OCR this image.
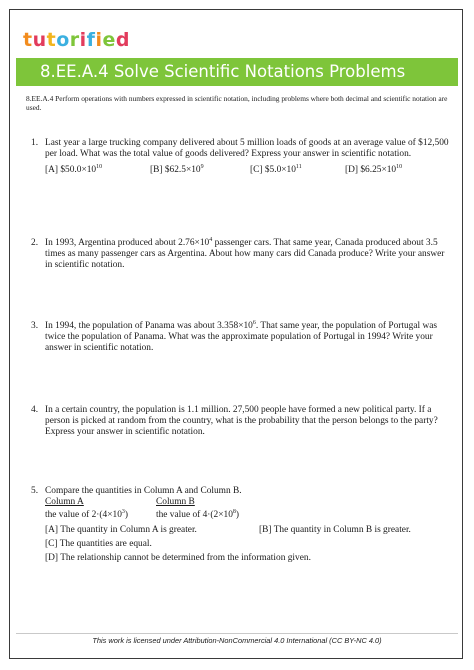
t u t o r i f i e d
8.EE.A.4 Solve Scientific Notations Problems
8.EE.A.4 Perform operations with numbers expressed in scientific notation, including problems where both decimal and scientific notation are used.
1. Last year a large trucking company delivered about 5 million loads of goods at an average value of $12,500 per load. What was the total value of goods delivered? Express your answer in scientific notation.
[A] $\$50.0\times 10^{10}$	[B] $\$62.5\times 10^9$	[C] $\$5.0\times 10^{11}$	[D] $\$6.25\times 10^{10}$
2. In 1993, Argentina produced about $2.76\times 10^4$ passenger cars. That same year, Canada produced about 3.5 times as many passenger cars as Argentina. About how many cars did Canada produce? Write your answer in scientific notation.
3. In 1994, the population of Panama was about $3.358\times 10^6$. That same year, the population of Portugal was twice the population of Panama. What was the approximate population of Portugal in 1994? Write your answer in scientific notation.
4. In a certain country, the population is 1.1 million. 27,500 people have formed a new political party. If a person is picked at random from the country, what is the probability that the person belongs to the party? Express your answer in scientific notation.
5. Compare the quantities in Column A and Column B.
Column A	Column B
the value of $2\cdot(4\times 10^3)$	the value of $4\cdot(2\times 10^8)$
[A] The quantity in Column A is greater.	[B] The quantity in Column B is greater.
[C] The quantities are equal.
[D] The relationship cannot be determined from the information given.
This work is licensed under Attribution-NonCommercial 4.0 International (CC BY-NC 4.0)
